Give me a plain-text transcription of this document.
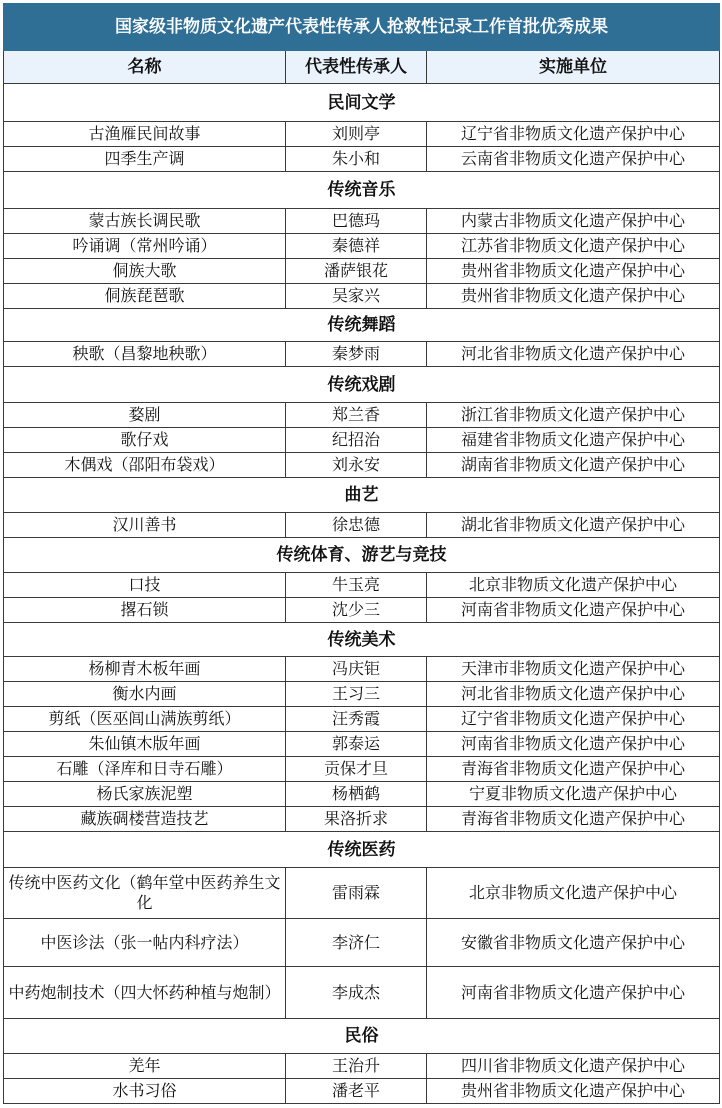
国家级非物质文化遗产代表性传承人抢救性记录工作首批优秀成果		
名称	代表性传承人	实施单位
民间文学		
古渔雁民间故事	刘则亭	辽宁省非物质文化遗产保护中心
四季生产调	朱小和	云南省非物质文化遗产保护中心
传统音乐		
蒙古族长调民歌	巴德玛	内蒙古非物质文化遗产保护中心
吟诵调（常州吟诵）	秦德祥	江苏省非物质文化遗产保护中心
侗族大歌	潘萨银花	贵州省非物质文化遗产保护中心
侗族琵琶歌	吴家兴	贵州省非物质文化遗产保护中心
传统舞蹈		
秧歌（昌黎地秧歌）	秦梦雨	河北省非物质文化遗产保护中心
传统戏剧		
婺剧	郑兰香	浙江省非物质文化遗产保护中心
歌仔戏	纪招治	福建省非物质文化遗产保护中心
木偶戏（邵阳布袋戏）	刘永安	湖南省非物质文化遗产保护中心
曲艺		
汉川善书	徐忠德	湖北省非物质文化遗产保护中心
传统体育、游艺与竞技		
口技	牛玉亮	北京非物质文化遗产保护中心
撂石锁	沈少三	河南省非物质文化遗产保护中心
传统美术		
杨柳青木板年画	冯庆钜	天津市非物质文化遗产保护中心
衡水内画	王习三	河北省非物质文化遗产保护中心
剪纸（医巫闾山满族剪纸）	汪秀霞	辽宁省非物质文化遗产保护中心
朱仙镇木版年画	郭泰运	河南省非物质文化遗产保护中心
石雕（泽库和日寺石雕）	贡保才旦	青海省非物质文化遗产保护中心
杨氏家族泥塑	杨栖鹤	宁夏非物质文化遗产保护中心
藏族碉楼营造技艺	果洛折求	青海省非物质文化遗产保护中心
传统医药		
传统中医药文化（鹤年堂中医药养生文化	雷雨霖	北京非物质文化遗产保护中心
中医诊法（张一帖内科疗法）	李济仁	安徽省非物质文化遗产保护中心
中药炮制技术（四大怀药种植与炮制）	李成杰	河南省非物质文化遗产保护中心
民俗		
羌年	王治升	四川省非物质文化遗产保护中心
水书习俗	潘老平	贵州省非物质文化遗产保护中心
